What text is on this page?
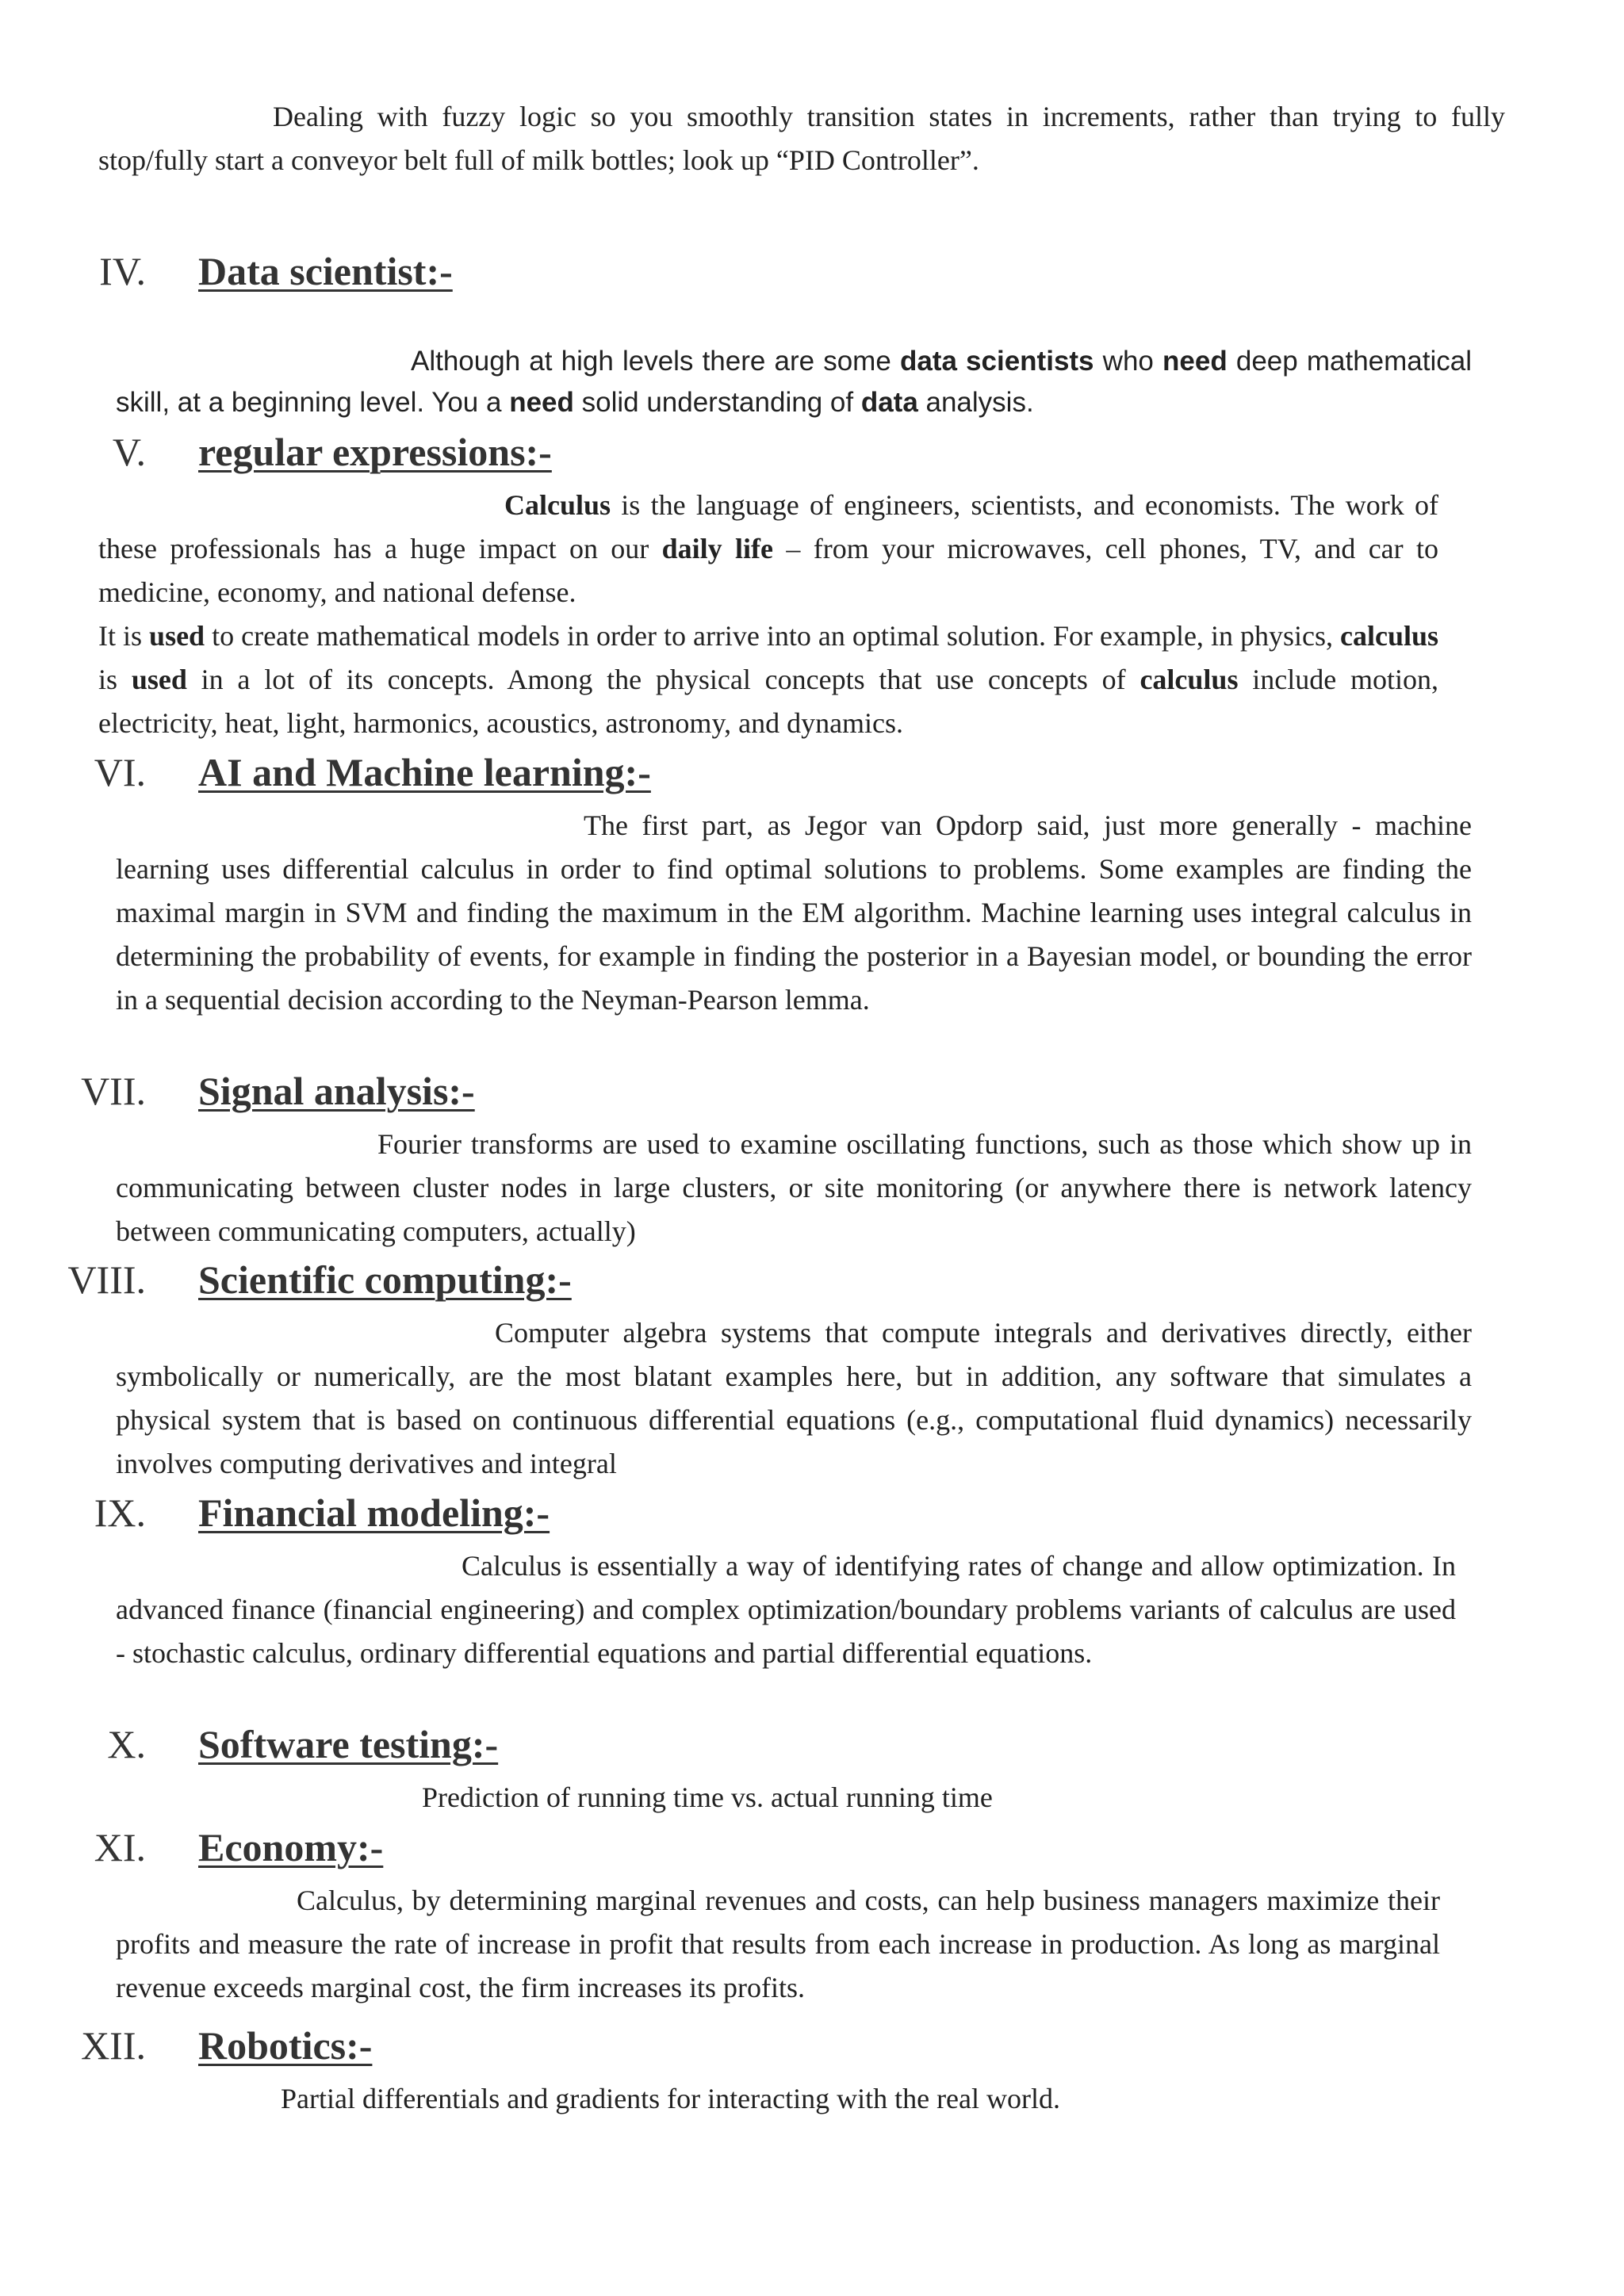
Dealing with fuzzy logic so you smoothly transition states in increments, rather than trying to fully stop/fully start a conveyor belt full of milk bottles; look up “PID Controller”.

IV. Data scientist:-

Although at high levels there are some data scientists who need deep mathematical skill, at a beginning level. You a need solid understanding of data analysis.

V. regular expressions:-

Calculus is the language of engineers, scientists, and economists. The work of these professionals has a huge impact on our daily life – from your microwaves, cell phones, TV, and car to medicine, economy, and national defense.

It is used to create mathematical models in order to arrive into an optimal solution. For example, in physics, calculus is used in a lot of its concepts. Among the physical concepts that use concepts of calculus include motion, electricity, heat, light, harmonics, acoustics, astronomy, and dynamics.

VI. AI and Machine learning:-

The first part, as Jegor van Opdorp said, just more generally - machine learning uses differential calculus in order to find optimal solutions to problems. Some examples are finding the maximal margin in SVM and finding the maximum in the EM algorithm. Machine learning uses integral calculus in determining the probability of events, for example in finding the posterior in a Bayesian model, or bounding the error in a sequential decision according to the Neyman-Pearson lemma.

VII. Signal analysis:-

Fourier transforms are used to examine oscillating functions, such as those which show up in communicating between cluster nodes in large clusters, or site monitoring (or anywhere there is network latency between communicating computers, actually)

VIII. Scientific computing:-

Computer algebra systems that compute integrals and derivatives directly, either symbolically or numerically, are the most blatant examples here, but in addition, any software that simulates a physical system that is based on continuous differential equations (e.g., computational fluid dynamics) necessarily involves computing derivatives and integral

IX. Financial modeling:-

Calculus is essentially a way of identifying rates of change and allow optimization. In advanced finance (financial engineering) and complex optimization/boundary problems variants of calculus are used - stochastic calculus, ordinary differential equations and partial differential equations.

X. Software testing:-

Prediction of running time vs. actual running time

XI. Economy:-

Calculus, by determining marginal revenues and costs, can help business managers maximize their profits and measure the rate of increase in profit that results from each increase in production. As long as marginal revenue exceeds marginal cost, the firm increases its profits.

XII. Robotics:-

Partial differentials and gradients for interacting with the real world.
